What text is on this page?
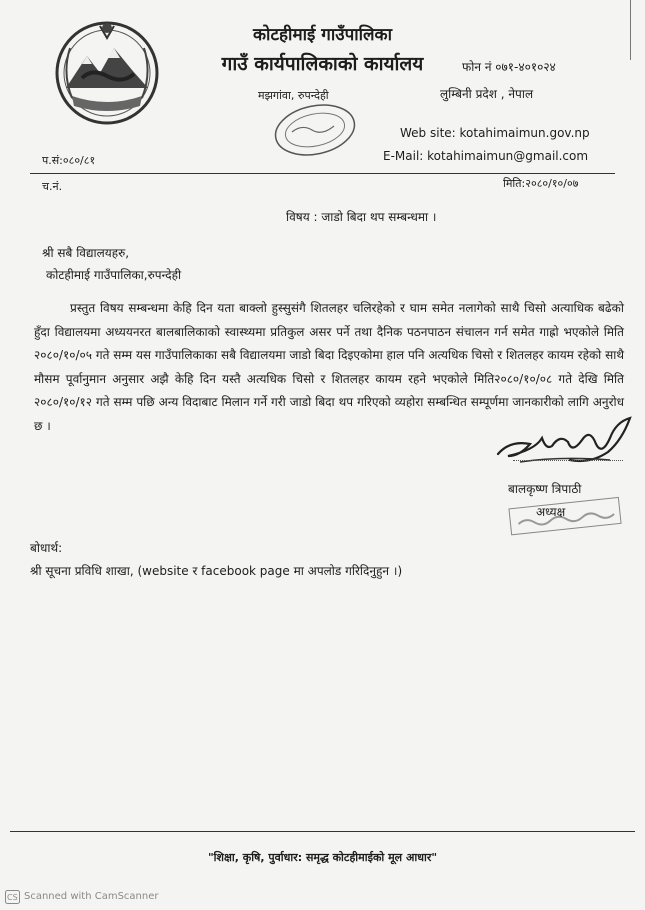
कोटहीमाई गाउँपालिका
गाउँ कार्यपालिकाको कार्यालय
मझगांवा, रुपन्देही
फोन नं ०७१-४०१०२४
लुम्बिनी प्रदेश , नेपाल
Web site: kotahimaimun.gov.np
E-Mail: kotahimaimun@gmail.com
प.सं:०८०/८१
च.नं.	मिति:२०८०/१०/०७
विषय : जाडो बिदा थप सम्बन्धमा ।
श्री सबै विद्यालयहरु,
कोटहीमाई गाउँपालिका,रुपन्देही
प्रस्तुत विषय सम्बन्धमा केहि दिन यता बाक्लो हुस्सुसंगै शितलहर चलिरहेको र घाम समेत नलागेको साथै चिसो अत्याधिक बढेको हुँदा विद्यालयमा अध्ययनरत बालबालिकाको स्वास्थ्यमा प्रतिकुल असर पर्ने तथा दैनिक पठनपाठन संचालन गर्न समेत गाह्रो भएकोले मिति २०८०/१०/०५ गते सम्म यस गाउँपालिकाका सबै विद्यालयमा जाडो बिदा दिइएकोमा हाल पनि अत्यधिक चिसो र शितलहर कायम रहेको साथै मौसम पूर्वानुमान अनुसार अझै केहि दिन यस्तै अत्यधिक चिसो र शितलहर कायम रहने भएकोले मिति२०८०/१०/०८ गते देखि मिति २०८०/१०/१२ गते सम्म पछि अन्य विदाबाट मिलान गर्ने गरी जाडो बिदा थप गरिएको व्यहोरा सम्बन्धित सम्पूर्णमा जानकारीको लागि अनुरोध छ ।
बालकृष्ण त्रिपाठी
अध्यक्ष
बोधार्थ:
श्री सूचना प्रविधि शाखा, (website र facebook page मा अपलोड गरिदिनुहुन ।)
"शिक्षा, कृषि, पुर्वाधार: समृद्ध कोटहीमाईको मूल आधार"
CS Scanned with CamScanner
